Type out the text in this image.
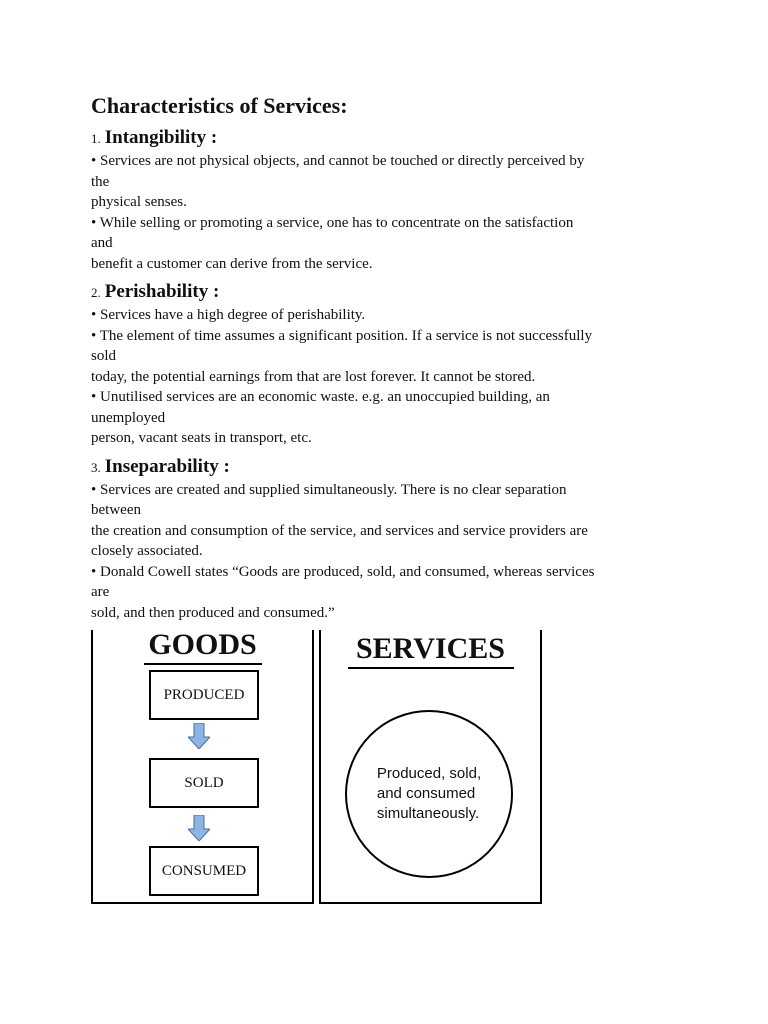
Characteristics of Services:
1. Intangibility :

• Services are not physical objects, and cannot be touched or directly perceived by
the
physical senses.
• While selling or promoting a service, one has to concentrate on the satisfaction
and
benefit a customer can derive from the service.

2. Perishability :

• Services have a high degree of perishability.
• The element of time assumes a significant position. If a service is not successfully
sold
today, the potential earnings from that are lost forever. It cannot be stored.
• Unutilised services are an economic waste. e.g. an unoccupied building, an
unemployed
person, vacant seats in transport, etc.

3. Inseparability :

• Services are created and supplied simultaneously. There is no clear separation
between
the creation and consumption of the service, and services and service providers are
closely associated.
• Donald Cowell states “Goods are produced, sold, and consumed, whereas services
are
sold, and then produced and consumed.”

GOODS
PRODUCED
SOLD
CONSUMED
SERVICES
Produced, sold,
and consumed
simultaneously.
